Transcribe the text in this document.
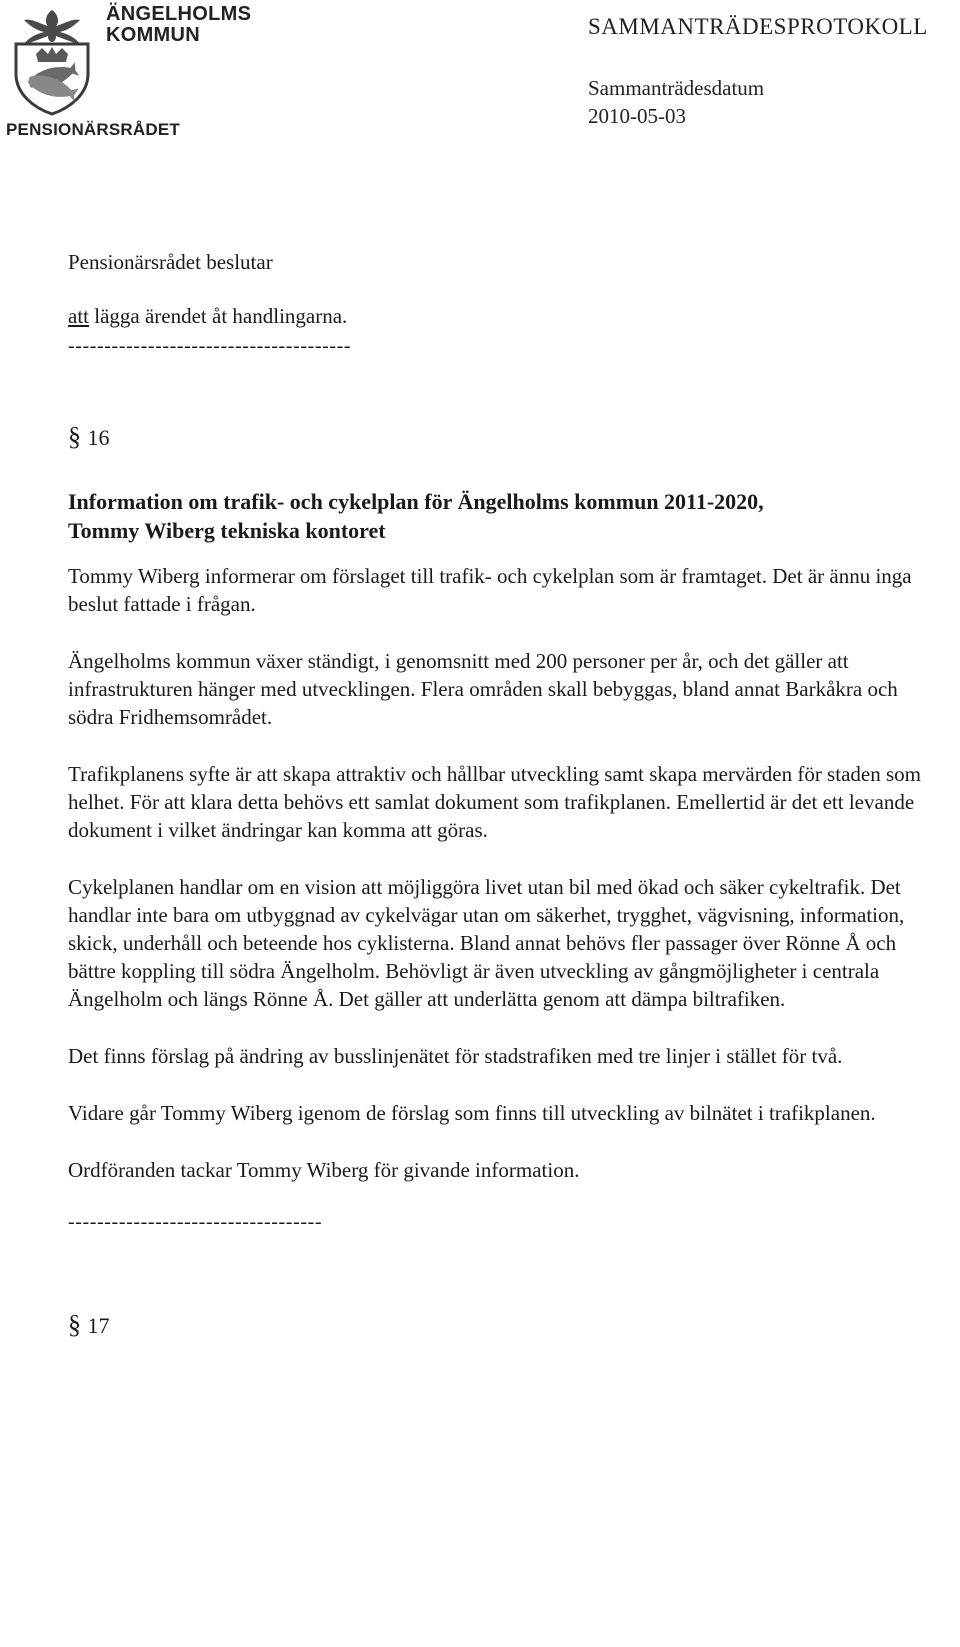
ÄNGELHOLMS
KOMMUN
PENSIONÄRSRÅDET
SAMMANTRÄDESPROTOKOLL
Sammanträdesdatum
2010-05-03

Pensionärsrådet beslutar

att lägga ärendet åt handlingarna.

---------------------------------------

§ 16

Information om trafik- och cykelplan för Ängelholms kommun 2011-2020,

Tommy Wiberg tekniska kontoret

Tommy Wiberg informerar om förslaget till trafik- och cykelplan som är framtaget. Det är ännu inga beslut fattade i frågan.

Ängelholms kommun växer ständigt, i genomsnitt med 200 personer per år, och det gäller att infrastrukturen hänger med utvecklingen. Flera områden skall bebyggas, bland annat Barkåkra och södra Fridhemsområdet.

Trafikplanens syfte är att skapa attraktiv och hållbar utveckling samt skapa mervärden för staden som helhet. För att klara detta behövs ett samlat dokument som trafikplanen. Emellertid är det ett levande dokument i vilket ändringar kan komma att göras.

Cykelplanen handlar om en vision att möjliggöra livet utan bil med ökad och säker cykeltrafik. Det handlar inte bara om utbyggnad av cykelvägar utan om säkerhet, trygghet, vägvisning, information, skick, underhåll och beteende hos cyklisterna. Bland annat behövs fler passager över Rönne Å och bättre koppling till södra Ängelholm. Behövligt är även utveckling av gångmöjligheter i centrala Ängelholm och längs Rönne Å. Det gäller att underlätta genom att dämpa biltrafiken.

Det finns förslag på ändring av busslinjenätet för stadstrafiken med tre linjer i stället för två.

Vidare går Tommy Wiberg igenom de förslag som finns till utveckling av bilnätet i trafikplanen.

Ordföranden tackar Tommy Wiberg för givande information.

-----------------------------------

§ 17
